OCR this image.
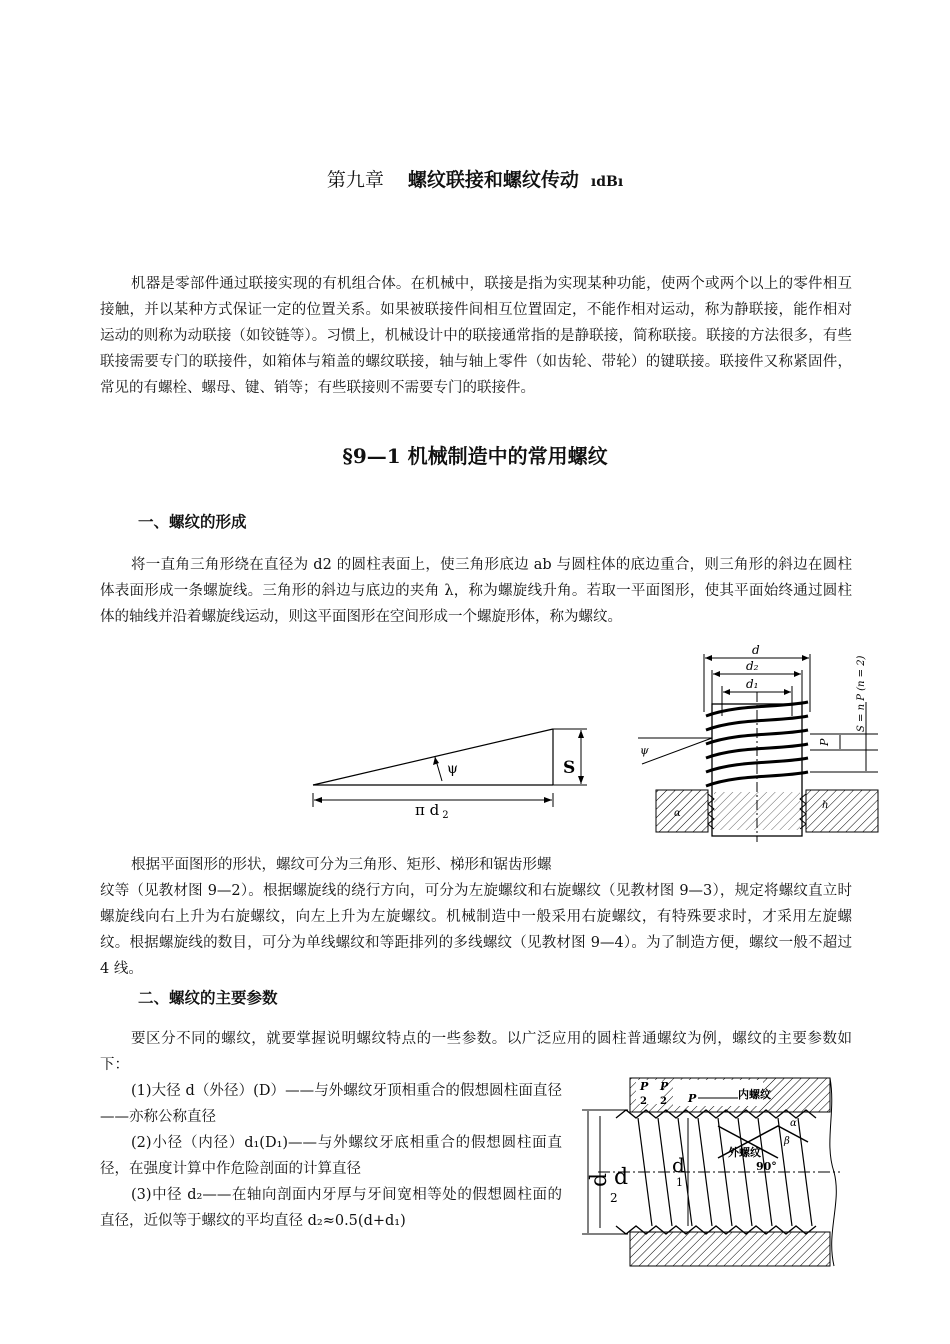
第九章 螺纹联接和螺纹传动 ıdBı
机器是零部件通过联接实现的有机组合体。在机械中，联接是指为实现某种功能，使两个或两个以上的零件相互接触，并以某种方式保证一定的位置关系。如果被联接件间相互位置固定，不能作相对运动，称为静联接，能作相对运动的则称为动联接（如铰链等）。习惯上，机械设计中的联接通常指的是静联接，简称联接。联接的方法很多，有些联接需要专门的联接件，如箱体与箱盖的螺纹联接，轴与轴上零件（如齿轮、带轮）的键联接。联接件又称紧固件，常见的有螺栓、螺母、键、销等；有些联接则不需要专门的联接件。
§9—1 机械制造中的常用螺纹
一、螺纹的形成
将一直角三角形绕在直径为 d2 的圆柱表面上，使三角形底边 ab 与圆柱体的底边重合，则三角形的斜边在圆柱体表面形成一条螺旋线。三角形的斜边与底边的夹角 λ，称为螺旋线升角。若取一平面图形，使其平面始终通过圆柱体的轴线并沿着螺旋线运动，则这平面图形在空间形成一个螺旋形体，称为螺纹。
ψ	S
π d $_2$
d
d₂
d₁
ψ
P
S = n P (n = 2)
α
h
根据平面图形的形状，螺纹可分为三角形、矩形、梯形和锯齿形螺
纹等（见教材图 9—2）。根据螺旋线的绕行方向，可分为左旋螺纹和右旋螺纹（见教材图 9—3），规定将螺纹直立时螺旋线向右上升为右旋螺纹，向左上升为左旋螺纹。机械制造中一般采用右旋螺纹，有特殊要求时，才采用左旋螺纹。根据螺旋线的数目，可分为单线螺纹和等距排列的多线螺纹（见教材图 9—4）。为了制造方便，螺纹一般不超过 4 线。
二、螺纹的主要参数
要区分不同的螺纹，就要掌握说明螺纹特点的一些参数。以广泛应用的圆柱普通螺纹为例，螺纹的主要参数如下：
(1)大径 d（外径）(D）——与外螺纹牙顶相重合的假想圆柱面直径——亦称公称直径
(2)小径（内径）d₁(D₁)——与外螺纹牙底相重合的假想圆柱面直径，在强度计算中作危险剖面的计算直径
(3)中径 d₂——在轴向剖面内牙厚与牙间宽相等处的假想圆柱面的直径，近似等于螺纹的平均直径 d₂≈0.5(d+d₁)
d d
2
d
1
P
2
P
2 P	内螺纹
外螺纹
90°
α
β
